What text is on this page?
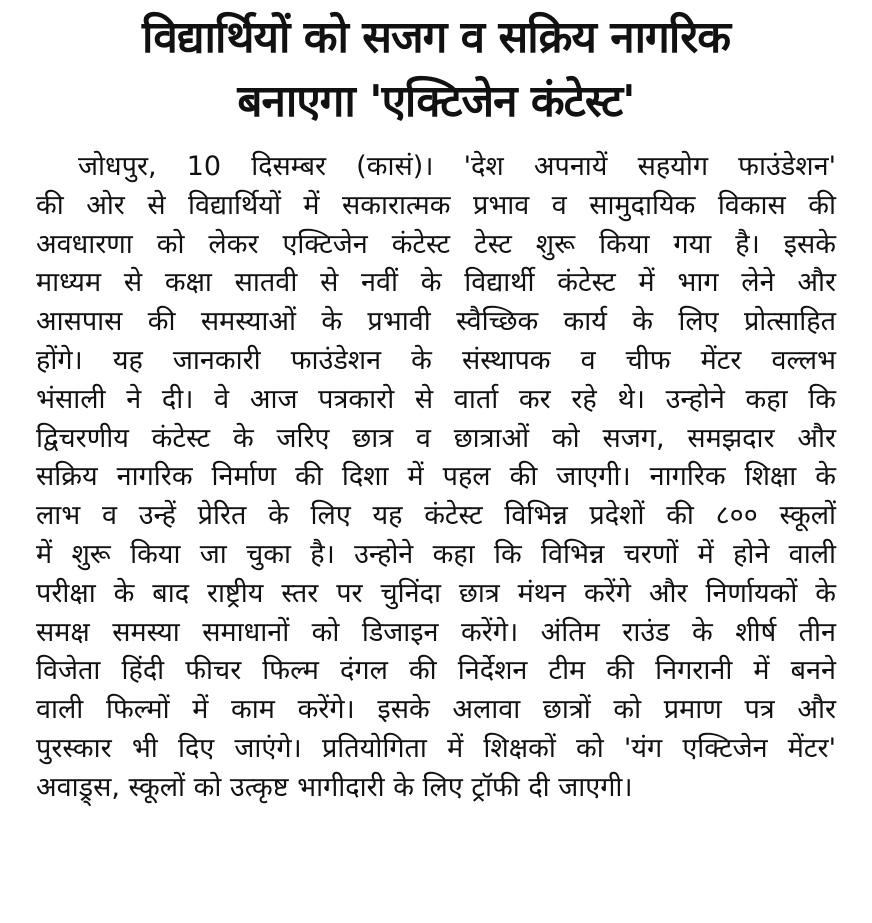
विद्यार्थियों को सजग व सक्रिय नागरिक
बनाएगा 'एक्टिजेन कंटेस्ट'
जोधपुर, 10 दिसम्बर (कासं)। 'देश अपनायें सहयोग फाउंडेशन'
की ओर से विद्यार्थियों में सकारात्मक प्रभाव व सामुदायिक विकास की
अवधारणा को लेकर एक्टिजेन कंटेस्ट टेस्ट शुरू किया गया है। इसके
माध्यम से कक्षा सातवी से नवीं के विद्यार्थी कंटेस्ट में भाग लेने और
आसपास की समस्याओं के प्रभावी स्वैच्छिक कार्य के लिए प्रोत्साहित
होंगे। यह जानकारी फाउंडेशन के संस्थापक व चीफ मेंटर वल्लभ
भंसाली ने दी। वे आज पत्रकारो से वार्ता कर रहे थे। उन्होने कहा कि
द्विचरणीय कंटेस्ट के जरिए छात्र व छात्राओं को सजग, समझदार और
सक्रिय नागरिक निर्माण की दिशा में पहल की जाएगी। नागरिक शिक्षा के
लाभ व उन्हें प्रेरित के लिए यह कंटेस्ट विभिन्न प्रदेशों की ८०० स्कूलों
में शुरू किया जा चुका है। उन्होने कहा कि विभिन्न चरणों में होने वाली
परीक्षा के बाद राष्ट्रीय स्तर पर चुनिंदा छात्र मंथन करेंगे और निर्णायकों के
समक्ष समस्या समाधानों को डिजाइन करेंगे। अंतिम राउंड के शीर्ष तीन
विजेता हिंदी फीचर फिल्म दंगल की निर्देशन टीम की निगरानी में बनने
वाली फिल्मों में काम करेंगे। इसके अलावा छात्रों को प्रमाण पत्र और
पुरस्कार भी दिए जाएंगे। प्रतियोगिता में शिक्षकों को 'यंग एक्टिजेन मेंटर'
अवाड्र्स, स्कूलों को उत्कृष्ट भागीदारी के लिए ट्रॉफी दी जाएगी।
